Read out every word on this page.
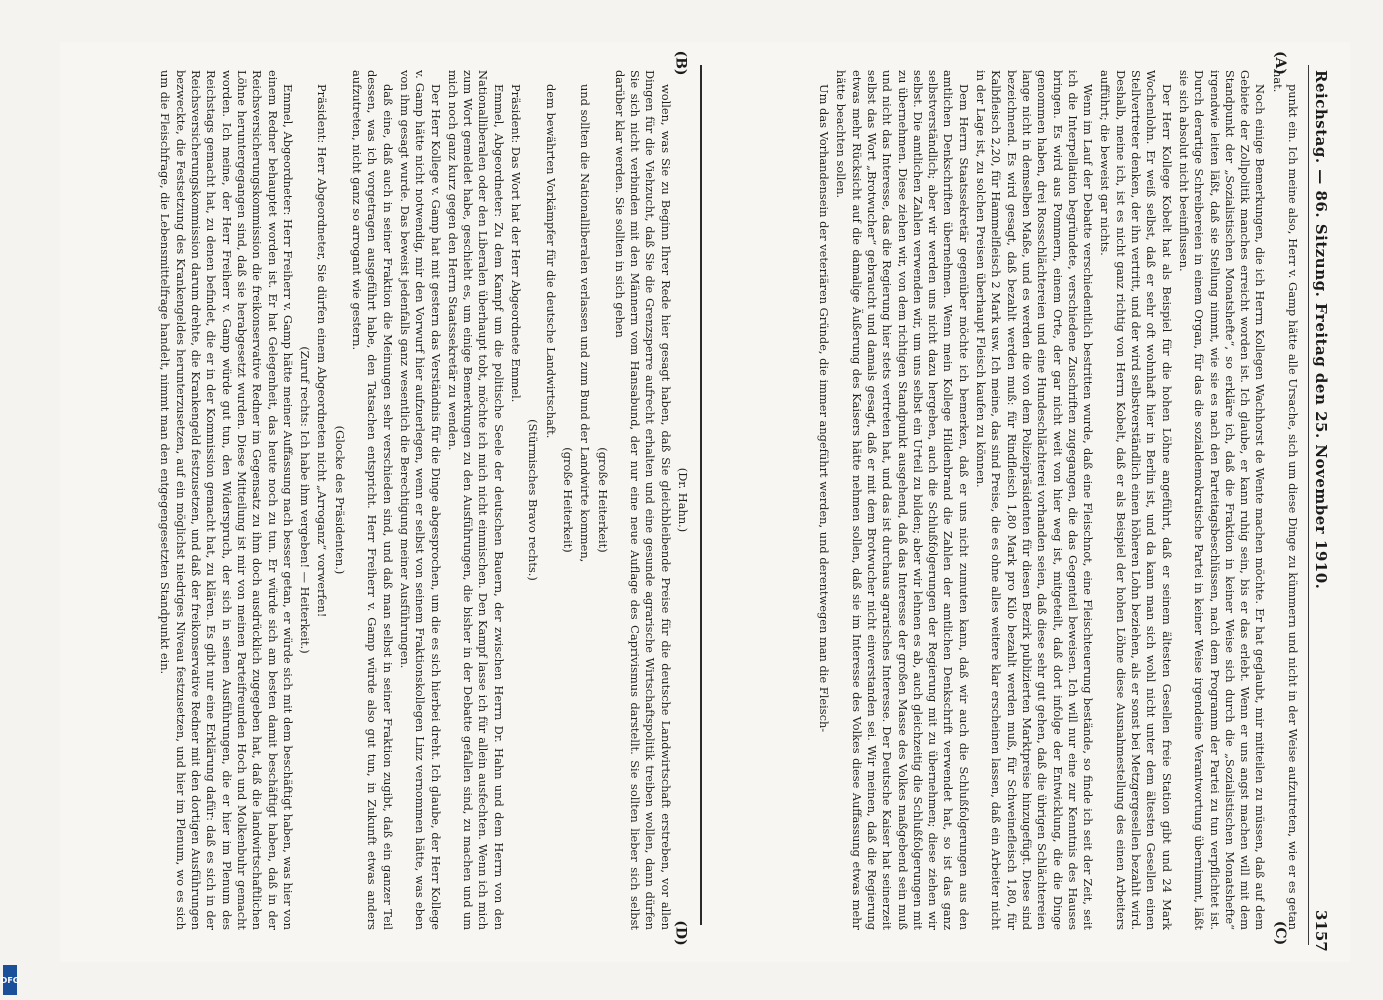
Reichstag. — 86. Sitzung. Freitag den 25. November 1910.
3157
(A)
(B)
(C)
(D)

(Dr. Hahn.)

wollen, was Sie zu Beginn Ihrer Rede hier gesagt haben, daß Sie gleichbleibende Preise für die deutsche Landwirtschaft erstreben, vor allen Dingen für die Viehzucht, daß Sie die Grenzsperre aufrecht erhalten und eine gesunde agrarische Wirtschaftspolitik treiben wollen, dann dürfen Sie sich nicht verbinden mit den Männern vom Hansabund, der nur eine neue Auflage des Caprivismus darstellt. Sie sollten lieber sich selbst darüber klar werden. Sie sollten in sich gehen

(große Heiterkeit)

und sollten die Nationalliberalen verlassen und zum Bund der Landwirte kommen,

(große Heiterkeit)

dem bewährten Vorkämpfer für die deutsche Landwirtschaft.

(Stürmisches Bravo rechts.)

Präsident: Das Wort hat der Herr Abgeordnete Emmel.

Emmel, Abgeordneter: Zu dem Kampf um die politische Seele der deutschen Bauern, der zwischen Herrn Dr. Hahn und dem Herrn von den Nationalliberalen oder den Liberalen überhaupt tobt, möchte ich mich nicht einmischen. Den Kampf lasse ich für allein ausfechten. Wenn ich mich zum Wort gemeldet habe, geschieht es, um einige Bemerkungen zu den Ausführungen, die bisher in der Debatte gefallen sind, zu machen und um mich noch ganz kurz gegen den Herrn Staatssekretär zu wenden.

Der Herr Kollege v. Gamp hat mit gestern das Verständnis für die Dinge abgesprochen, um die es sich hierbei dreht. Ich glaube, der Herr Kollege v. Gamp hätte nicht notwendig, mir den Vorwurf hier aufzuerlegen, wenn er selbst von seinem Fraktionskollegen Linz vernommen hätte, was eben von ihm gesagt wurde. Das beweist jedenfalls ganz wesentlich die Berechtigung meiner Ausführungen.

daß eine, daß auch in seiner Fraktion die Meinungen sehr verschieden sind, und daß man selbst in seiner Fraktion zugibt, daß ein ganzer Teil dessen, was ich vorgetragen ausgeführt habe, den Tatsachen entspricht. Herr Freiherr v. Gamp würde also gut tun, in Zukunft etwas anders aufzutreten, nicht ganz so arrogant wie gestern.

(Glocke des Präsidenten.)

Präsident: Herr Abgeordneter, Sie dürfen einem Abgeordneten nicht „Arroganz“ vorwerfen!

(Zuruf rechts: Ich habe ihm vergeben! — Heiterkeit.)

Emmel, Abgeordneter: Herr Freiherr v. Gamp hätte meiner Auffassung nach besser getan, er würde sich mit dem beschäftigt haben, was hier von einem Redner behauptet worden ist. Er hat Gelegenheit, das heute noch zu tun. Er würde sich am besten damit beschäftigt haben, daß in der Reichsversicherungskommission die freikonservative Redner im Gegensatz zu ihm doch ausdrücklich zugegeben hat, daß die landwirtschaftlichen Löhne heruntergegangen sind, daß sie herabgesetzt wurden. Diese Mitteilung ist mir von meinen Parteifreunden Hoch und Molkenbuhr gemacht worden. Ich meine, der Herr Freiherr v. Gamp würde gut tun, den Widerspruch, der sich in seinen Ausführungen, die er hier im Plenum des Reichstags gemacht hat, zu denen befindet, die er in der Kommission gemacht hat, zu klären. Es gibt nur eine Erklärung dafür: daß es sich in der Reichsversicherungskommission darum drehte, die Krankengeld festzusetzen, und daß der freikonservative Redner mit den dortigen Ausführungen bezweckte, die Festsetzung des Krankengeldes herunterzusetzen, auf ein möglichst niedriges Niveau festzusetzen, und hier im Plenum, wo es sich um die Fleischfrage, die Lebensmittelfrage handelt, nimmt man den entgegengesetzten Standpunkt ein.	punkt ein. Ich meine also, Herr v. Gamp hätte alle Ursache, sich um diese Dinge zu kümmern und nicht in der Weise aufzutreten, wie er es getan hat.

Noch einige Bemerkungen, die ich Herrn Kollegen Wachhorst de Wente machen möchte. Er hat geglaubt, mir mitteilen zu müssen, daß auf dem Gebiete der Zollpolitik manches erreicht worden ist. Ich glaube, er kann ruhig sein, bis er das erlebt. Wenn er uns angst machen will mit dem Standpunkt der „Sozialistischen Monatshefte“, so erkläre ich, daß die Fraktion in keiner Weise sich durch die „Sozialistischen Monatshefte“ irgendwie leiten läßt, daß sie Stellung nimmt, wie sie es nach den Parteitagsbeschlüssen, nach dem Programm der Partei zu tun verpflichtet ist. Durch derartige Schreibereien in einem Organ, für das die sozialdemokratische Partei in keiner Weise irgendeine Verantwortung übernimmt, läßt sie sich absolut nicht beeinflussen.

Der Herr Kollege Kobelt hat als Beispiel für die hohen Löhne angeführt, daß er seinem ältesten Gesellen freie Station gibt und 24 Mark Wochenlohn. Er weiß selbst, daß er sehr oft wohnhaft hier in Berlin ist, und da kann man sich wohl nicht unter dem ältesten Gesellen einen Stellvertreter denken, der ihn vertritt, und der wird selbstverständlich einen höheren Lohn beziehen, als er sonst bei Metzgergesellen bezahlt wird. Deshalb, meine ich, ist es nicht ganz richtig von Herrn Kobelt, daß er als Beispiel der hohen Löhne diese Ausnahmestellung des einen Arbeiters aufführt; die beweist gar nichts.

Wenn im Lauf der Debatte verschiedentlich bestritten wurde, daß eine Fleischnot, eine Fleischteuerung bestände, so finde ich seit der Zeit, seit ich die Interpellation begründete, verschiedene Zuschriften zugegangen, die das Gegenteil beweisen. Ich will nur eine zur Kenntnis des Hauses bringen. Es wird aus Pommern, einem Orte, der gar nicht weit von hier weg ist, mitgeteilt, daß dort infolge der Entwicklung, die die Dinge genommen haben, drei Rossschlächtereien und eine Hundeschlächterei vorhanden seien, daß diese sehr gut gehen, daß die übrigen Schlächtereien lange nicht in demselben Maße, und es werden die von dem Polizeipräsidenten für diesen Bezirk publizierten Marktpreise hinzugefügt. Diese sind bezeichnend. Es wird gesagt, daß bezahlt werden muß: für Rindfleisch 1,80 Mark pro Kilo bezahlt werden muß, für Schweinefleisch 1,80, für Kalbfleisch 2,20, für Hammelfleisch 2 Mark usw. Ich meine, das sind Preise, die es ohne alles weitere klar erscheinen lassen, daß ein Arbeiter nicht in der Lage ist, zu solchen Preisen überhaupt Fleisch kaufen zu können.

Dem Herrn Staatssekretär gegenüber möchte ich bemerken, daß er uns nicht zumuten kann, daß wir auch die Schlußfolgerungen aus den amtlichen Denkschriften übernehmen. Wenn mein Kollege Hildenbrand die Zahlen der amtlichen Denkschrift verwendet hat, so ist das ganz selbstverständlich; aber wir werden uns nicht dazu hergeben, auch die Schlußfolgerungen der Regierung mit zu übernehmen; diese ziehen wir selbst. Die amtlichen Zahlen verwenden wir, um uns selbst ein Urteil zu bilden; aber wir lehnen es ab, auch gleichzeitig die Schlußfolgerungen mit zu übernehmen. Diese ziehen wir, von dem richtigen Standpunkt ausgehend, daß das Interesse der großen Masse des Volkes maßgebend sein muß und nicht das Interesse, das die Regierung hier stets vertreten hat, und das ist durchaus agrarisches Interesse. Der Deutsche Kaiser hat seinerzeit selbst das Wort „Brotwucher“ gebraucht und damals gesagt, daß er mit dem Brotwucher nicht einverstanden sei. Wir meinen, daß die Regierung etwas mehr Rücksicht auf die damalige Äußerung des Kaisers hätte nehmen sollen, daß sie im Interesse des Volkes diese Auffassung etwas mehr hätte beachten sollen.

Um das Vorhandensein der veteriären Gründe, die immer angeführt werden, und derentwegen man die Fleisch-

DFG
